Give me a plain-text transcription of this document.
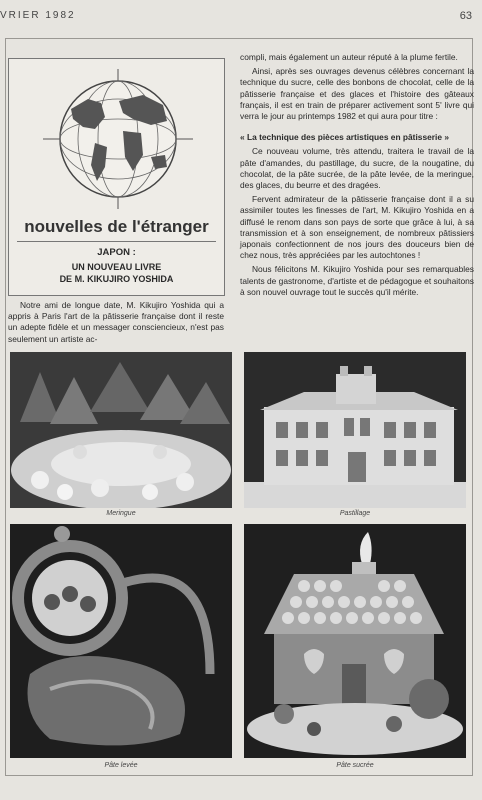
VRIER 1982	63
nouvelles de l'étranger
JAPON :
UN NOUVEAU LIVRE
DE M. KIKUJIRO YOSHIDA

Notre ami de longue date, M. Kikujiro Yoshida qui a appris à Paris l'art de la pâtisserie française dont il reste un adepte fidèle et un messager consciencieux, n'est pas seulement un artiste ac-

compli, mais également un auteur réputé à la plume fertile.

Ainsi, après ses ouvrages devenus célèbres concernant la technique du sucre, celle des bonbons de chocolat, celle de la pâtisserie française et des glaces et l'histoire des gâteaux français, il est en train de préparer activement sont 5' livre qui verra le jour au printemps 1982 et qui aura pour titre :

« La technique des pièces artistiques en pâtisserie »

Ce nouveau volume, très attendu, traitera le travail de la pâte d'amandes, du pastillage, du sucre, de la nougatine, du chocolat, de la pâte sucrée, de la pâte levée, de la meringue, des glaces, du beurre et des dragées.

Fervent admirateur de la pâtisserie française dont il a su assimiler toutes les finesses de l'art, M. Kikujiro Yoshida en a diffusé le renom dans son pays de sorte que grâce à lui, à sa transmission et à son enseignement, de nombreux pâtissiers japonais confectionnent de nos jours des douceurs bien de chez nous, très appréciées par les autochtones !

Nous félicitons M. Kikujiro Yoshida pour ses remarquables talents de gastronome, d'artiste et de pédagogue et souhaitons à son nouvel ouvrage tout le succès qu'il mérite.

Meringue	Pastillage
Pâte levée	Pâte sucrée
